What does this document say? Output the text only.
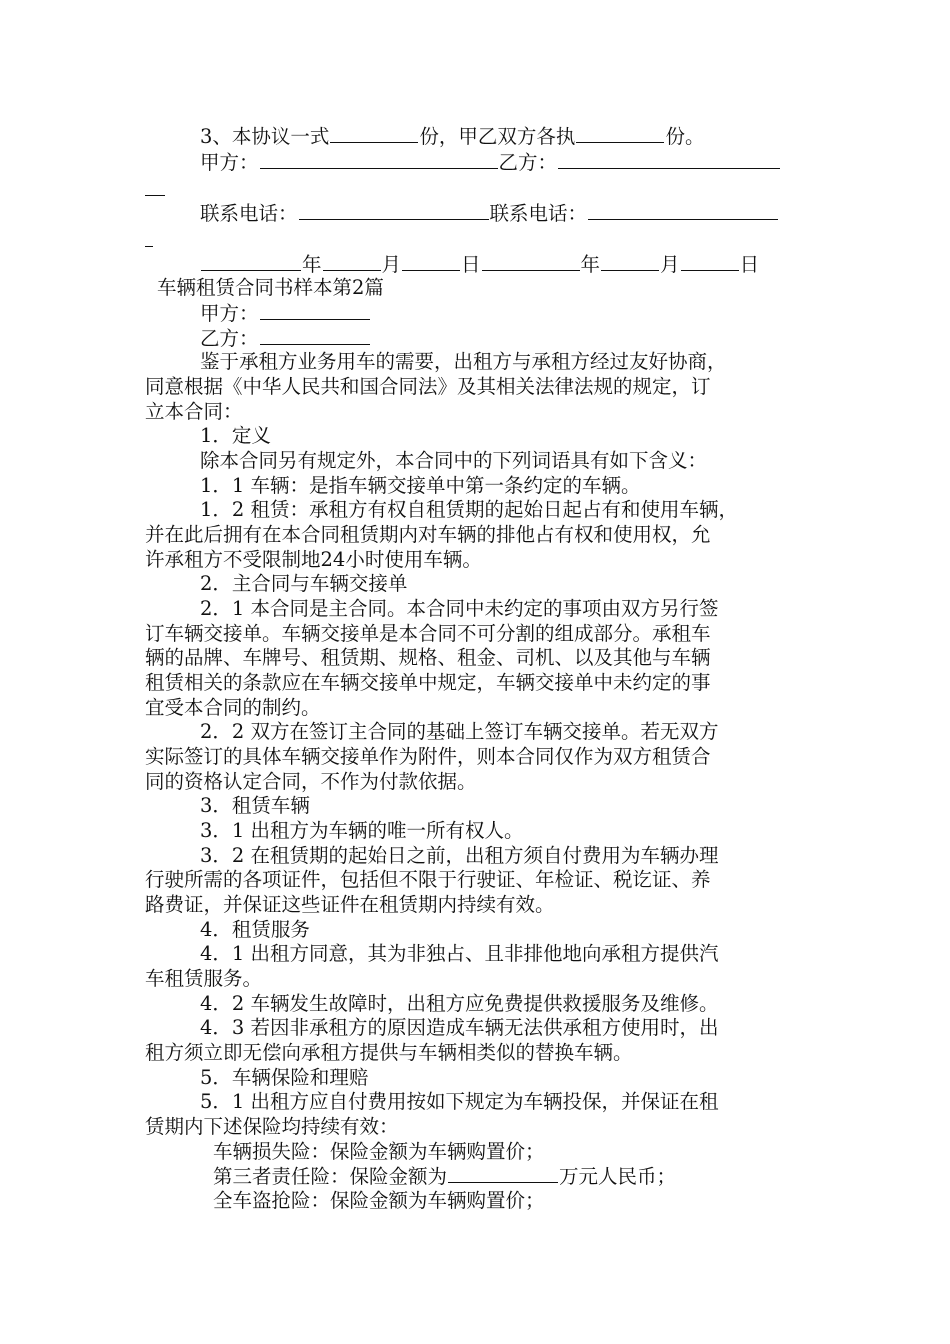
3、本协议一式	份，甲乙双方各执	份。
甲方：	乙方：
联系电话：	联系电话：
年	月	日	年	月	日
车辆租赁合同书样本第2篇
甲方：
乙方：
鉴于承租方业务用车的需要，出租方与承租方经过友好协商，
同意根据《中华人民共和国合同法》及其相关法律法规的规定，订
立本合同：
1．定义
除本合同另有规定外，本合同中的下列词语具有如下含义：
1．1 车辆：是指车辆交接单中第一条约定的车辆。
1．2 租赁：承租方有权自租赁期的起始日起占有和使用车辆，
并在此后拥有在本合同租赁期内对车辆的排他占有权和使用权，允
许承租方不受限制地24小时使用车辆。
2．主合同与车辆交接单
2．1 本合同是主合同。本合同中未约定的事项由双方另行签
订车辆交接单。车辆交接单是本合同不可分割的组成部分。承租车
辆的品牌、车牌号、租赁期、规格、租金、司机、以及其他与车辆
租赁相关的条款应在车辆交接单中规定，车辆交接单中未约定的事
宜受本合同的制约。
2．2 双方在签订主合同的基础上签订车辆交接单。若无双方
实际签订的具体车辆交接单作为附件，则本合同仅作为双方租赁合
同的资格认定合同，不作为付款依据。
3．租赁车辆
3．1 出租方为车辆的唯一所有权人。
3．2 在租赁期的起始日之前，出租方须自付费用为车辆办理
行驶所需的各项证件，包括但不限于行驶证、年检证、税讫证、养
路费证，并保证这些证件在租赁期内持续有效。
4．租赁服务
4．1 出租方同意，其为非独占、且非排他地向承租方提供汽
车租赁服务。
4．2 车辆发生故障时，出租方应免费提供救援服务及维修。
4．3 若因非承租方的原因造成车辆无法供承租方使用时，出
租方须立即无偿向承租方提供与车辆相类似的替换车辆。
5．车辆保险和理赔
5．1 出租方应自付费用按如下规定为车辆投保，并保证在租
赁期内下述保险均持续有效：
车辆损失险：保险金额为车辆购置价；
第三者责任险：保险金额为	万元人民币；
全车盗抢险：保险金额为车辆购置价；
